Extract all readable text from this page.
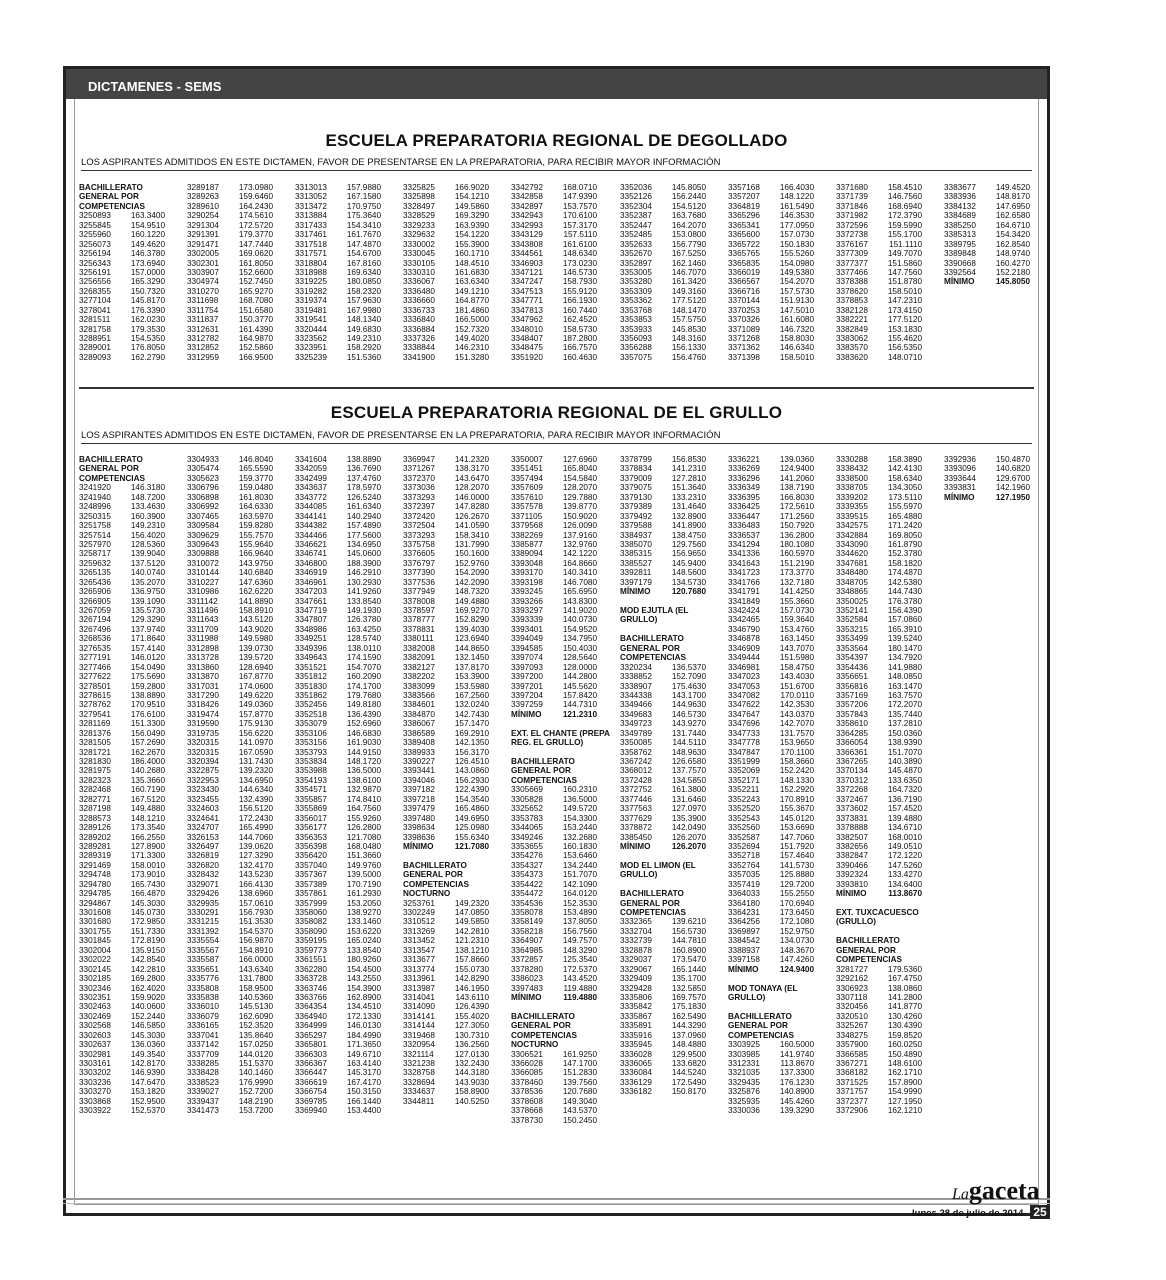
DICTAMENES - SEMS
ESCUELA PREPARATORIA REGIONAL DE DEGOLLADO
LOS ASPIRANTES ADMITIDOS EN ESTE DICTAMEN, FAVOR DE PRESENTARSE EN LA PREPARATORIA, PARA RECIBIR MAYOR INFORMACIÓN
BACHILLERATO
GENERAL POR
COMPETENCIAS
3250893 163.3400
3255845 154.9510
3255960 160.1220
3256073 149.4620
3256194 146.3780
3256343 173.6940
3256191 157.0000
3256556 165.3290
3268355 150.7320
3277104 145.8170
3278041 176.3390
3281511	162.0230
3281758 179.3530
3288951 154.5350
3289001 176.8050
3289093 162.2790
3289187 173.0980
3289263 159.6460
3289610 164.2430
3290254 174.5610
3291304 172.5720
3291391 179.3770
3291471 147.7440
3302005 169.0620
3302301 161.8050
3303907 152.6600
3304974 152.7450
3310270 165.9270
3311698	168.7080
3311754	151.6580
3311837	150.3770
3312631 161.4390
3312782 164.9870
3312852 152.5860
3312959 166.9500
3313013 157.9880
3313052 167.1580
3313472 170.9750
3313884 175.3640
3317433 154.3410
3317461 161.7670
3317518 147.4870
3317571 154.6700
3318804 167.8160
3318988 169.6340
3319225 180.0850
3319282 158.2320
3319374 157.9630
3319481 167.9980
3319541 148.1340
3320444 149.6830
3323562 149.2310
3323951 158.2920
3325239 151.5360
3325825 166.9020
3325898 154.1210
3328497 149.5860
3328529 169.3290
3329233 163.9390
3329632 154.1220
3330002 155.3900
3330045 160.1710
3330105 148.4510
3330310 161.6830
3336067 163.6340
3336480 149.1210
3336660 164.8770
3336733 181.4860
3336840 166.5000
3336884 152.7320
3337326 149.4020
3338844 146.2310
3341900 151.3280
3342792 168.0710
3342858 147.9390
3342897 153.7570
3342943 170.6100
3342993 157.3170
3343129	157.5110
3343808 161.6100
3344561 148.6340
3346903 173.0230
3347121 146.5730
3347247 158.7930
3347513 155.9120
3347771 166.1930
3347813 160.7440
3347962 162.4520
3348010 158.5730
3348407 187.2800
3348475 166.7570
3351920 160.4630
3352036 145.8050
3352126 156.2440
3352304 154.5120
3352387 163.7680
3352447 164.2070
3352485 153.0800
3352633 156.7790
3352670 167.5250
3352897 162.1460
3353005 146.7070
3353280 161.3420
3353309 149.3160
3353362 177.5120
3353768 148.1470
3353853 157.5750
3353933 145.8530
3356093 148.3160
3356288 156.1330
3357075 156.4760
3357168 166.4030
3357207 148.1220
3364819 161.5490
3365296 146.3530
3365341 177.0950
3365600 157.0730
3365722 150.1830
3365765 155.5260
3365835 154.0980
3366019 149.5380
3366567 154.2070
3366716 157.5730
3370144 151.9130
3370253 147.5010
3370326 161.6080
3371089 146.7320
3371268 158.8030
3371362 146.6340
3371398 158.5010
3371680 158.4510
3371739 146.7560
3371846 168.6940
3371982 172.3790
3372596 159.5990
3372738 155.1700
3376167	151.1110
3377309 149.7070
3377377 151.5860
3377466 147.7560
3378388 151.8780
3378620 158.5010
3378853 147.2310
3382128 173.4150
3382221 177.5120
3382849 153.1830
3383062 155.4620
3383570 156.5350
3383620 148.0710
3383677 149.4520
3383936 148.8170
3384132 147.6950
3384689 162.6580
3385250 164.6710
3385313 154.3420
3389795 162.8540
3389848 148.9740
3390668 160.4270
3392564 152.2180
MÍNIMO	145.8050
ESCUELA PREPARATORIA REGIONAL DE EL GRULLO
LOS ASPIRANTES ADMITIDOS EN ESTE DICTAMEN, FAVOR DE PRESENTARSE EN LA PREPARATORIA, PARA RECIBIR MAYOR INFORMACIÓN
BACHILLERATO
GENERAL POR
COMPETENCIAS
3241920 146.3180
3241940 148.7200
3248996 133.4630
3250315 160.3900
3251758 149.2310
3257514 156.4020
3257970 128.5360
3258717 139.9040
3259632 137.5120
3265135 140.0740
3265436 135.2070
3265906 136.9750
3266905 139.1090
3267059 135.5730
3267194 129.3290
3267496 137.9740
3268536 171.8640
3276535 157.4140
3277191 146.0120
3277466 154.0490
3277622 175.5690
3278501 159.2800
3278615 138.8890
3278762 170.9510
3279541 176.6100
3281169	151.3300
3281376 156.0490
3281505 157.2690
3281721 162.2670
3281830 186.4000
3281975 140.2680
3282323 135.3660
3282468 160.7190
3282771 167.5120
3287198 149.4880
3288573 148.1210
3289126 173.3540
3289202 166.2550
3289281 127.8900
3289319 171.3300
3291469 158.0010
3294748 173.9010
3294780 165.7430
3294785 166.4870
3294867 145.3030
3301608 145.0730
3301680 172.9850
3301755 151.7330
3301845 172.8190
3302004 135.9150
3302022 142.8540
3302145 142.2810
3302185 169.2800
3302346 162.4020
3302351 159.9020
3302463 140.0600
3302469 152.2440
3302568 146.5850
3302603 145.3030
3302637 136.0360
3302981 149.3540
3303161 142.8170
3303202 146.9390
3303236 147.6470
3303270 153.1820
3303868 152.9500
3303922 152.5370
3304933 146.8040
3305474 165.5590
3305623 159.3770
3306796 159.0480
3306898 161.8030
3306992 164.6330
3307465 163.5970
3309584 159.8280
3309629 155.7570
3309643 155.9640
3309888 166.9640
3310072 143.9750
3310144 140.6840
3310227 147.6360
3310986 162.6220
3311142	141.8890
3311496	158.8910
3311643	143.5120
3311709	143.9020
3311988	149.5980
3312898 139.0730
3313728 139.5720
3313860 128.6940
3313870 167.8770
3317031 174.0600
3317290 149.6220
3318426 149.0360
3319474 157.8770
3319590 175.9130
3319735 156.6220
3320315 141.0970
3320315 167.0590
3320394 131.7430
3322875 139.2320
3322953 134.6950
3323430 144.6340
3323455 132.4390
3324603 156.5120
3324641 172.2430
3324707 165.4990
3326153 144.7060
3326497 139.0620
3326819 127.3290
3326820 132.4170
3328432 143.5230
3329071 166.4130
3329426 138.6960
3329935 157.0610
3330291 156.7930
3331215 151.3530
3331392 154.5370
3335554 156.9870
3335567 154.8910
3335587 166.0000
3335651 143.6340
3335776 131.7800
3335808 158.9500
3335838 140.5360
3336010 145.5130
3336079 162.6090
3336165 152.3520
3337041 135.8640
3337142 157.0250
3337709 144.0120
3338285 151.5370
3338428 140.1460
3338523 176.9990
3339027 152.7200
3339437 148.2190
3341473 153.7200
3341604 138.8890
3342059 136.7690
3342499 137.4760
3343637 178.5970
3343772 126.5240
3344085 161.6340
3344141 140.2940
3344382 157.4890
3344466 177.5600
3346621 134.6950
3346741 145.0600
3346800 188.3900
3346919 146.2910
3346961 130.2930
3347203 141.9260
3347661 133.8540
3347719 149.1930
3347807 126.3780
3348986 163.4250
3349251 128.5740
3349396	138.0110
3349643 174.1590
3351521 154.7070
3351812 160.2090
3351830 174.1700
3351862 179.7680
3352456 149.8180
3352518 136.4390
3353079 152.6960
3353106 146.6830
3353156 161.9030
3353793 144.9150
3353834 148.1720
3353988 136.5000
3354193 138.6100
3354571 132.9870
3355857 174.8410
3355869 164.7560
3356017 155.9260
3356177 126.2800
3356353 121.7080
3356398 168.0480
3356420 151.3660
3357040 149.9760
3357367 139.5000
3357389 170.7190
3357861 161.2930
3357999 153.2050
3358060 138.9270
3358082 133.1460
3358090 153.6220
3359195 165.0240
3359773 133.8540
3361551 180.9260
3362280 154.4500
3363728 143.2550
3363746 154.3900
3363766 162.8900
3364354 134.4510
3364940 172.1330
3364999 146.0130
3365297 184.4990
3365801 171.3650
3366303 149.6710
3366367 163.4140
3366447 145.3170
3366619 167.4170
3366754 150.3150
3369785 166.1440
3369940 153.4400
3369947 141.2320
3371267 138.3170
3372370 143.6470
3373036 128.2070
3373293 146.0000
3372397 147.8280
3372420 126.2670
3372504 141.0590
3373293 158.3410
3375758 131.7990
3376605 150.1600
3376797 152.9760
3377390 154.2090
3377536 142.2090
3377949 148.7320
3378008 149.4880
3378597 169.9270
3378777 152.8290
3378831 139.4030
3380111	123.6940
3382008 144.8650
3382091 132.1450
3382127 137.8170
3382202 153.3900
3383099 153.5980
3383566 167.2560
3384601 132.0240
3384870 142.7430
3386067 157.1470
3386589 169.2910
3389408 142.1350
3389933 156.3170
3390227 126.4510
3393441 143.0860
3394046 156.2930
3397182 122.4390
3397218 154.3540
3397479 165.4860
3397480 149.6950
3398634 125.0980
3398636 155.6340
MÍNIMO	121.7080
BACHILLERATO
GENERAL POR
COMPETENCIAS
NOCTURNO
3253761 149.2320
3302249 147.0850
3310512 149.5850
3313269 142.2810
3313452 121.2310
3313547 138.1210
3313677 157.8660
3313774 155.0730
3313961 142.8290
3313987 146.1950
3314041	143.6110
3314090 126.4390
3314141 155.4020
3314144 127.3050
3319468 130.7310
3320954 136.2560
3321114	127.0130
3321238 132.2430
3328758 144.3180
3328694 143.9030
3334637 158.8900
3344811	140.5250
3350007 127.6960
3351451 165.8040
3357494 154.5840
3357609 128.2070
3357610 129.7880
3357578 139.8770
3371105	150.9020
3379568 126.0090
3382269 137.9160
3385877 132.9760
3389094 142.1220
3393048 164.8660
3393170 140.3410
3393198 146.7080
3393245 165.6950
3393266 143.8300
3393297 141.9020
3393339 140.0730
3393401 154.9520
3394049 134.7950
3394585 150.4030
3397074 128.5640
3397093 128.0000
3397200 144.2800
3397201 145.5620
3397204 157.8420
3397259 144.7310
MÍNIMO	121.2310
EXT. EL CHANTE (PREPA
REG. EL GRULLO)
BACHILLERATO
GENERAL POR
COMPETENCIAS
3305669 160.2310
3305828 136.5000
3325652 149.5720
3353783 154.3300
3344065 153.2440
3349246 132.2680
3353655 160.1830
3354276 153.6460
3354327 134.2440
3354373 151.7070
3354422 142.1090
3354472 164.0120
3354536 152.3530
3358078 153.4890
3358149 137.8050
3358218 156.7560
3364907 149.7570
3364985 148.3290
3372857 125.3540
3378280 172.5370
3386023 143.4520
3397483	119.4880
MÍNIMO	119.4880
BACHILLERATO
GENERAL POR
COMPETENCIAS
NOCTURNO
3306521 161.9250
3366028 147.1700
3366085 151.2830
3378460 139.7560
3378536 120.7680
3378608 149.3040
3378668 143.5370
3378730 150.2450
3378799 156.8530
3378834 141.2310
3379009 127.2810
3379075 151.3640
3379130 133.2310
3379389 131.4640
3379492 132.8900
3379588 141.8900
3384937 138.4750
3385070 129.7560
3385315 156.9650
3385527 145.9400
3392811	148.5600
3397179 134.5730
MÍNIMO	120.7680
MOD EJUTLA (EL
GRULLO)
BACHILLERATO
GENERAL POR
COMPETENCIAS
3320234 136.5370
3338852 152.7090
3338907 175.4630
3344338 143.1700
3349466 144.9630
3349683 146.5730
3349723 143.9270
3349789 131.7440
3350085	144.5110
3358762 148.9630
3367242 126.6580
3368012 137.7570
3372428 134.5850
3372752 161.3800
3377446 131.6460
3377563 127.0970
3377629 135.3900
3378872 142.0490
3385450 126.2070
MÍNIMO	126.2070
MOD EL LIMON (EL
GRULLO)
BACHILLERATO
GENERAL POR
COMPETENCIAS
3332365 139.6210
3332704 156.5730
3332739 144.7810
3328878 160.8900
3329037 173.5470
3329067 165.1440
3329409 135.1700
3329428 132.5850
3335806 169.7570
3335842 175.1830
3335867 162.5490
3335891 144.3290
3335916 137.0960
3335945 148.4880
3336028 129.9500
3336065 133.6820
3336084 144.5240
3336129 172.5490
3336182 150.8170
3336221 139.0360
3336269 124.9400
3336296 141.2060
3336349 138.7190
3336395 166.8030
3336425 172.5610
3336447 171.2560
3336483 150.7920
3336537 136.2800
3341294 180.1080
3341336 160.5970
3341643 151.2190
3341723 173.3770
3341766 132.7180
3341791 141.4250
3341849 155.3660
3342424 157.0730
3342465 159.3640
3346790 153.4760
3346878 163.1450
3346909 143.7070
3349444 151.5980
3346981 158.4750
3347023 143.4030
3347053 151.6700
3347082	170.0110
3347622 142.3530
3347647 143.0370
3347696 142.7070
3347733 131.7570
3347778 153.9650
3347847	170.1100
3351999 158.3660
3352069 152.2420
3352171 148.1330
3352211	152.2920
3352243 170.8910
3352520 155.3670
3352543 145.0120
3352560 153.6690
3352587 147.7060
3352694 151.7920
3352718 157.4640
3352764 141.5730
3357035 125.8880
3357419 129.7200
3364033 155.2550
3364180 170.6940
3364231 173.6450
3364256 172.1080
3369897 152.9750
3384542 134.0730
3388937 148.3670
3397158 147.4260
MÍNIMO	124.9400
MOD TONAYA (EL
GRULLO)
BACHILLERATO
GENERAL POR
COMPETENCIAS
3303925 160.5000
3303985 141.9740
3312331	113.8670
3321035 137.3300
3329435 176.1230
3325876 140.8900
3325935 145.4260
3330036 139.3290
3330288 158.3890
3338432 142.4130
3338500 158.6340
3338705 134.3050
3339202	173.5110
3339355 155.5970
3339515 165.4880
3342575 171.2420
3342884 169.8050
3343090 161.8790
3344620 152.3780
3347681 158.1820
3348480 174.4870
3348705 142.5380
3348865 144.7430
3350025 176.3780
3352141 156.4390
3352584 157.0860
3353215 165.3910
3353499 139.5240
3353564 180.1470
3354397 134.7920
3354436 141.9880
3356651 148.0850
3356816 163.1470
3357169 163.7570
3357206 172.2070
3357843 135.7440
3358610 137.2810
3364285 150.0360
3366054 138.9390
3366361 151.7070
3367265 140.3890
3370134 145.4870
3370312 133.6350
3372268 164.7320
3372467 136.7190
3373602 157.4520
3373831 139.4880
3378888 134.6710
3382507 168.0010
3382656 149.0510
3382847 172.1220
3390466 147.5260
3392324 133.4270
3393810 134.6400
MÍNIMO	113.8670
EXT. TUXCACUESCO
(GRULLO)
BACHILLERATO
GENERAL POR
COMPETENCIAS
3281727 179.5360
3292162 167.4750
3306923 138.0860
3307118	141.2800
3320456 141.8770
3320510 130.4260
3325267 130.4390
3348275 159.8520
3357900 160.0250
3366585 150.4890
3367271 148.6100
3368182 162.1710
3371525 157.8900
3371757 154.9990
3372377 127.1950
3372906 162.1210
3392936 150.4870
3393096 140.6820
3393644 129.6700
3393831 142.1960
MÍNIMO	127.1950
Lagaceta
lunes 28 de julio de 2014 25
